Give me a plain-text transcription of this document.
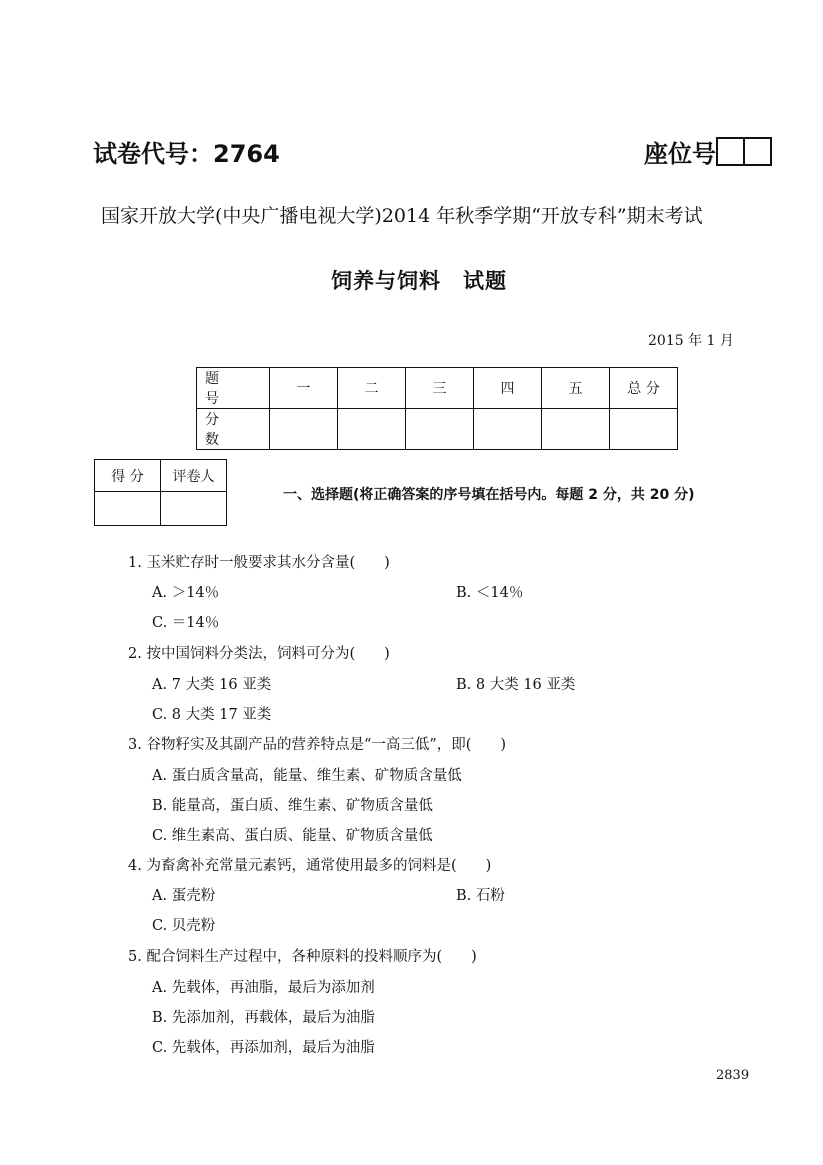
试卷代号：2764	座位号
国家开放大学(中央广播电视大学)2014 年秋季学期“开放专科”期末考试
饲养与饲料　试题
2015 年 1 月
题 号	一	二	三	四	五	总 分
分 数						
得 分	评卷人

一、选择题(将正确答案的序号填在括号内。每题 2 分，共 20 分)
1. 玉米贮存时一般要求其水分含量(　　)
A. ＞14％	B. ＜14％
C. ＝14％
2. 按中国饲料分类法，饲料可分为(　　)
A. 7 大类 16 亚类	B. 8 大类 16 亚类
C. 8 大类 17 亚类
3. 谷物籽实及其副产品的营养特点是“一高三低”，即(　　)
A. 蛋白质含量高，能量、维生素、矿物质含量低
B. 能量高，蛋白质、维生素、矿物质含量低
C. 维生素高、蛋白质、能量、矿物质含量低
4. 为畜禽补充常量元素钙，通常使用最多的饲料是(　　)
A. 蛋壳粉	B. 石粉
C. 贝壳粉
5. 配合饲料生产过程中，各种原料的投料顺序为(　　)
A. 先载体，再油脂，最后为添加剂
B. 先添加剂，再载体，最后为油脂
C. 先载体，再添加剂，最后为油脂
2839
